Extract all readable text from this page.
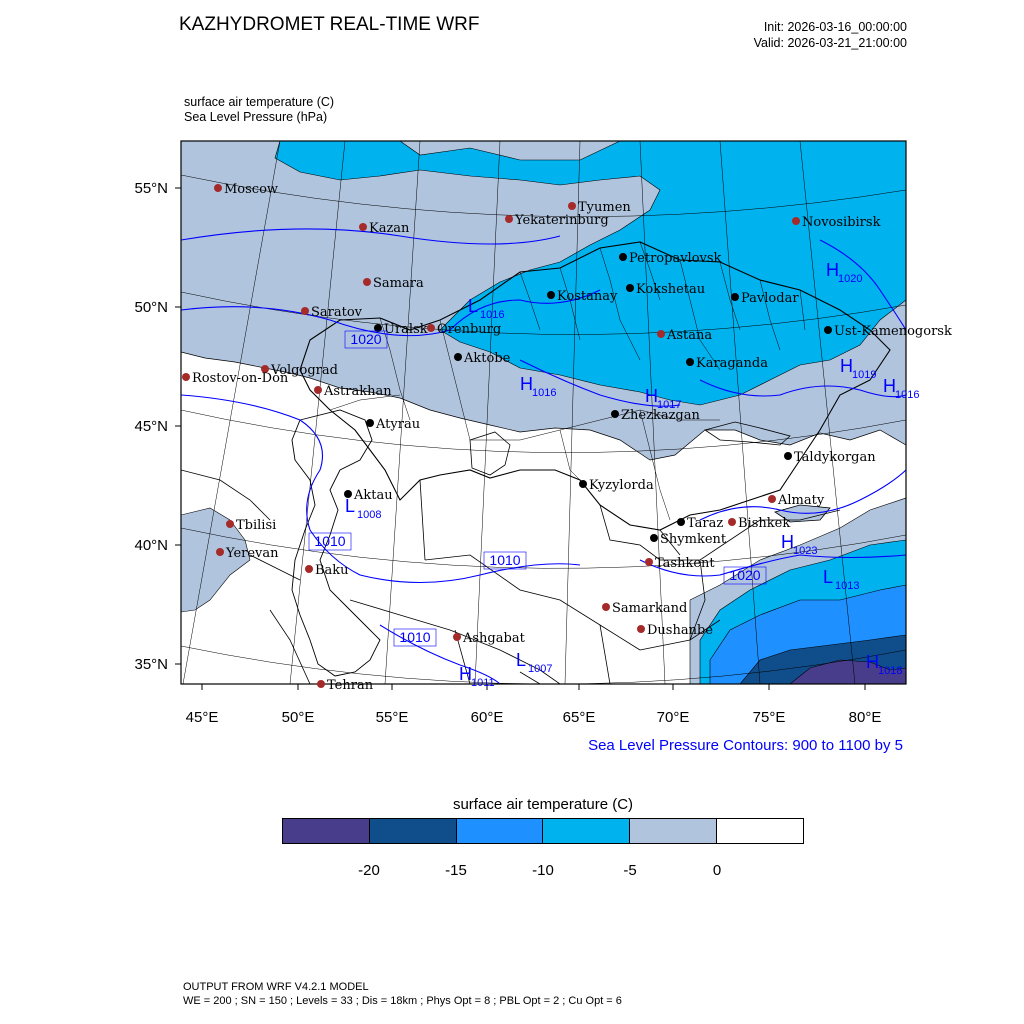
KAZHYDROMET REAL-TIME WRF	Init: 2026-03-16_00:00:00
Valid: 2026-03-21_21:00:00
surface air temperature (C)
Sea Level Pressure (hPa)
55°N
50°N
45°N
40°N
35°N
45°E	50°E	55°E	60°E	65°E	70°E	75°E	80°E
Moscow
Kazan
Tyumen
Yekaterinburg	Novosibirsk
Samara
Saratov
Orenburg
Volgograd
Rostov-on-Don
Astrakhan
Tbilisi
Yerevan
Baku
Ashgabat
Tehran
Samarkand
Dushanbe
Tashkent
Bishkek
Almaty
Astana
Petropavlovsk
Kostanay Kokshetau
Pavlodar
Ust-Kamenogorsk
Uralsk
Aktobe	Karaganda
Atyrau
Zhezkazgan
Taldykorgan
Aktau
Kyzylorda
Taraz
Shymkent
L 1016
H 1020
H 1016	H 1017
H 1019
H 1016
L 1008
H 1023
L 1013
L 1007
H 1011
H 1018
1020
1010
1010
1010
1020
Sea Level Pressure Contours: 900 to 1100 by 5
surface air temperature (C)
-20	-15	-10	-5	0
OUTPUT FROM WRF V4.2.1 MODEL
WE = 200 ; SN = 150 ; Levels = 33 ; Dis = 18km ; Phys Opt = 8 ; PBL Opt = 2 ; Cu Opt = 6
